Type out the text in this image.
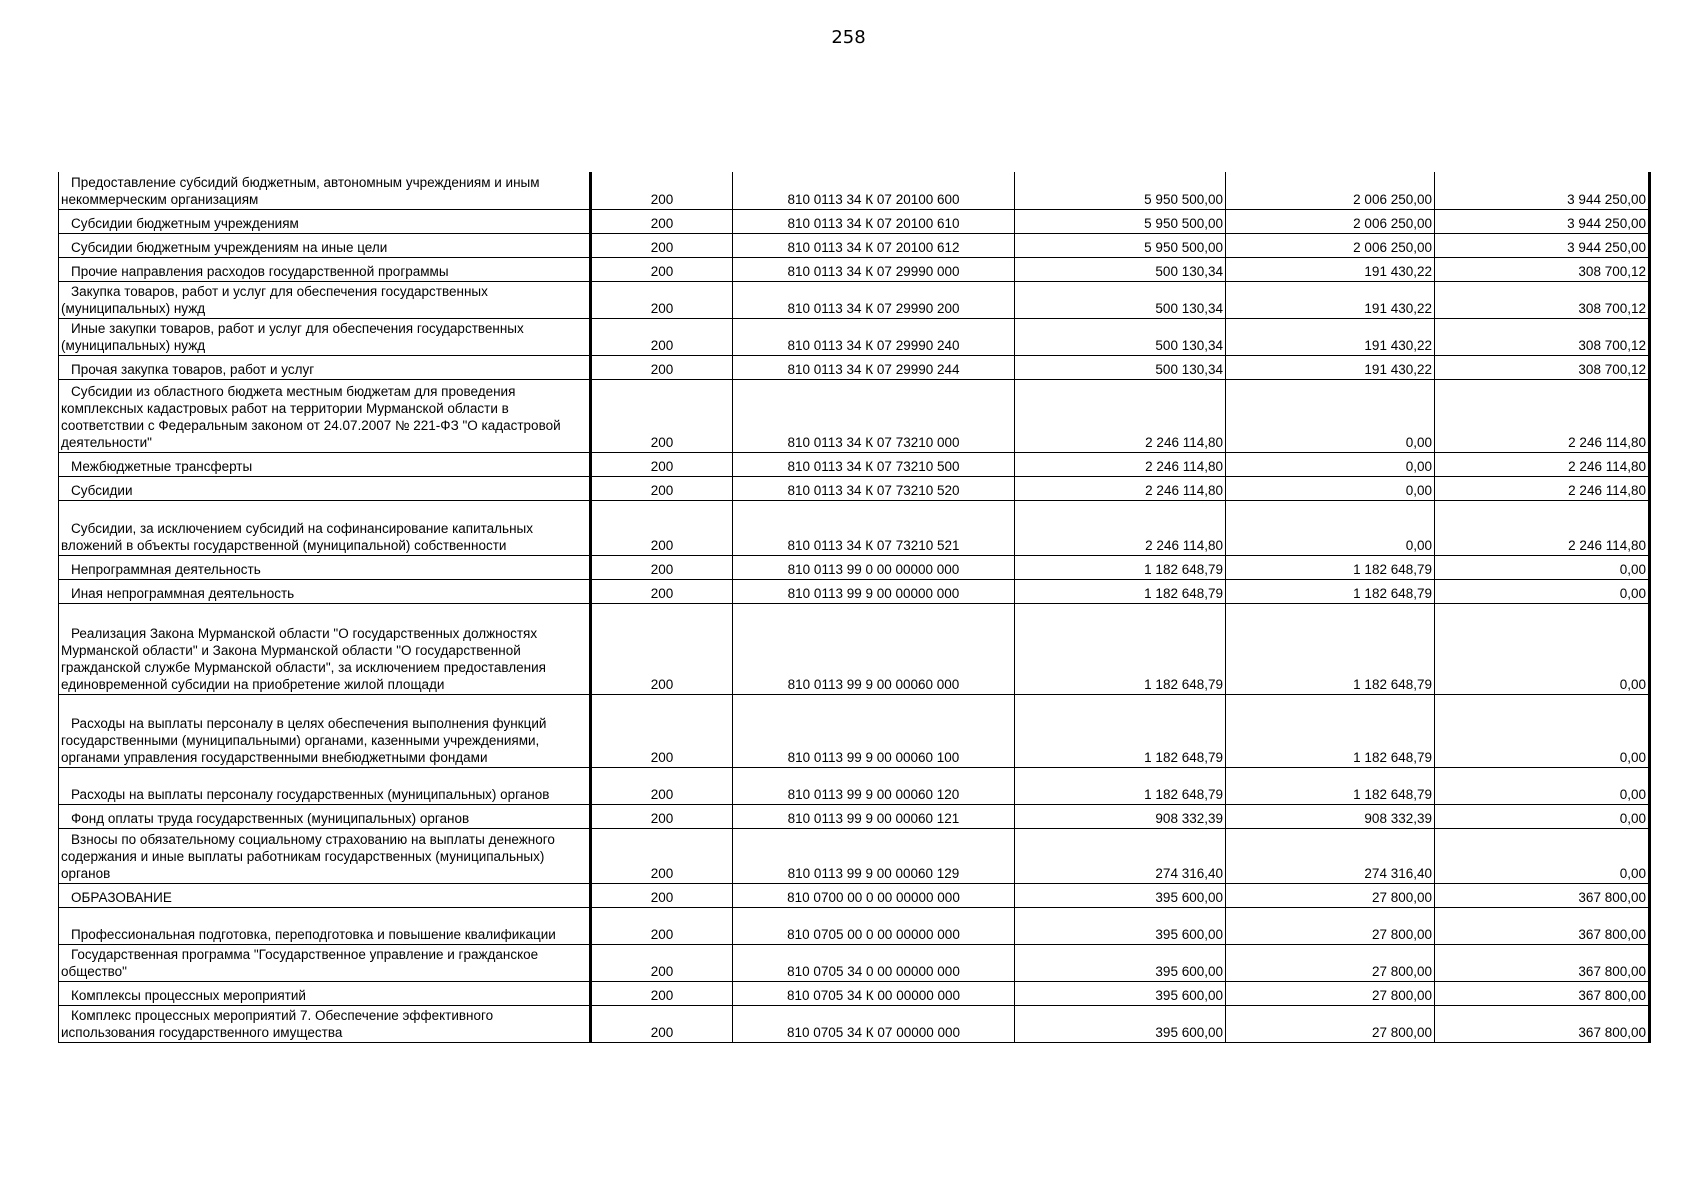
258
Предоставление субсидий бюджетным, автономным учреждениям и иным некоммерческим организациям	200	810 0113 34 К 07 20100 600	5 950 500,00	2 006 250,00	3 944 250,00

Субсидии бюджетным учреждениям	200	810 0113 34 К 07 20100 610	5 950 500,00	2 006 250,00	3 944 250,00

Субсидии бюджетным учреждениям на иные цели	200	810 0113 34 К 07 20100 612	5 950 500,00	2 006 250,00	3 944 250,00

Прочие направления расходов государственной программы	200	810 0113 34 К 07 29990 000	500 130,34	191 430,22	308 700,12

Закупка товаров, работ и услуг для обеспечения государственных (муниципальных) нужд	200	810 0113 34 К 07 29990 200	500 130,34	191 430,22	308 700,12

Иные закупки товаров, работ и услуг для обеспечения государственных (муниципальных) нужд	200	810 0113 34 К 07 29990 240	500 130,34	191 430,22	308 700,12

Прочая закупка товаров, работ и услуг	200	810 0113 34 К 07 29990 244	500 130,34	191 430,22	308 700,12

Субсидии из областного бюджета местным бюджетам для проведения комплексных кадастровых работ на территории Мурманской области в соответствии с Федеральным законом от 24.07.2007 № 221-ФЗ "О кадастровой деятельности"	200	810 0113 34 К 07 73210 000	2 246 114,80	0,00	2 246 114,80

Межбюджетные трансферты	200	810 0113 34 К 07 73210 500	2 246 114,80	0,00	2 246 114,80

Субсидии	200	810 0113 34 К 07 73210 520	2 246 114,80	0,00	2 246 114,80

Субсидии, за исключением субсидий на софинансирование капитальных вложений в объекты государственной (муниципальной) собственности	200	810 0113 34 К 07 73210 521	2 246 114,80	0,00	2 246 114,80

Непрограммная деятельность	200	810 0113 99 0 00 00000 000	1 182 648,79	1 182 648,79	0,00

Иная непрограммная деятельность	200	810 0113 99 9 00 00000 000	1 182 648,79	1 182 648,79	0,00

Реализация Закона Мурманской области "О государственных должностях Мурманской области" и Закона Мурманской области "О государственной гражданской службе Мурманской области", за исключением предоставления единовременной субсидии на приобретение жилой площади	200	810 0113 99 9 00 00060 000	1 182 648,79	1 182 648,79	0,00

Расходы на выплаты персоналу в целях обеспечения выполнения функций государственными (муниципальными) органами, казенными учреждениями, органами управления государственными внебюджетными фондами	200	810 0113 99 9 00 00060 100	1 182 648,79	1 182 648,79	0,00

Расходы на выплаты персоналу государственных (муниципальных) органов	200	810 0113 99 9 00 00060 120	1 182 648,79	1 182 648,79	0,00

Фонд оплаты труда государственных (муниципальных) органов	200	810 0113 99 9 00 00060 121	908 332,39	908 332,39	0,00

Взносы по обязательному социальному страхованию на выплаты денежного содержания и иные выплаты работникам государственных (муниципальных) органов	200	810 0113 99 9 00 00060 129	274 316,40	274 316,40	0,00

ОБРАЗОВАНИЕ	200	810 0700 00 0 00 00000 000	395 600,00	27 800,00	367 800,00

Профессиональная подготовка, переподготовка и повышение квалификации	200	810 0705 00 0 00 00000 000	395 600,00	27 800,00	367 800,00

Государственная программа "Государственное управление и гражданское общество"	200	810 0705 34 0 00 00000 000	395 600,00	27 800,00	367 800,00

Комплексы процессных мероприятий	200	810 0705 34 К 00 00000 000	395 600,00	27 800,00	367 800,00

Комплекс процессных мероприятий 7. Обеспечение эффективного использования государственного имущества	200	810 0705 34 К 07 00000 000	395 600,00	27 800,00	367 800,00
